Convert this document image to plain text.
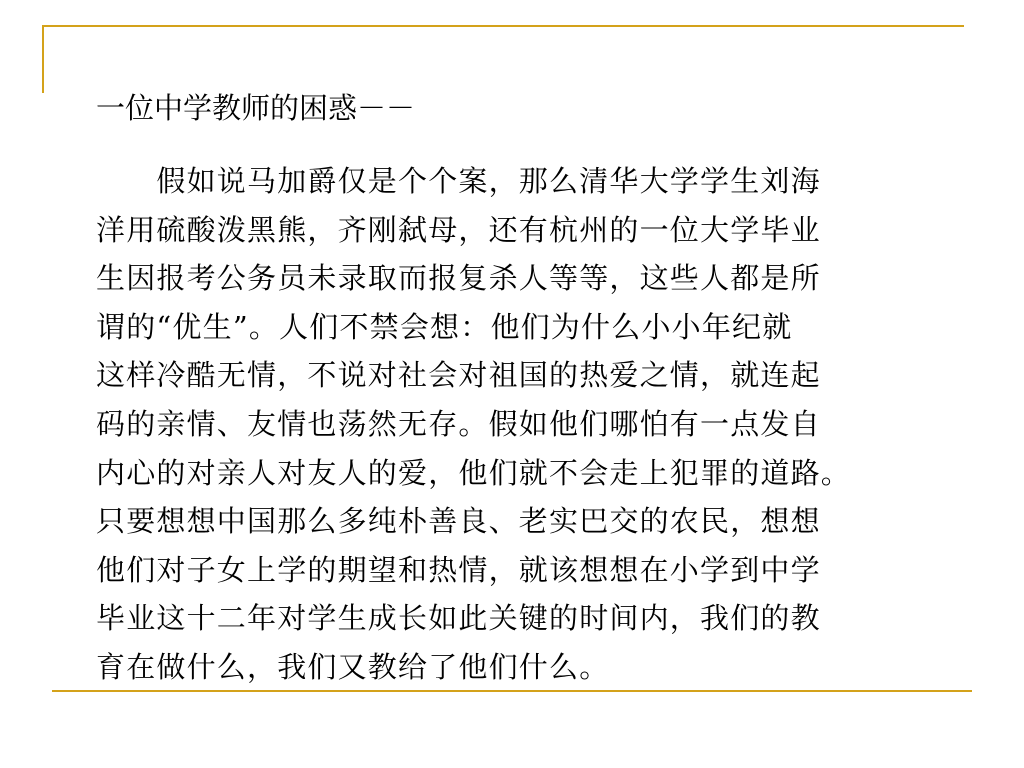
一位中学教师的困惑－－
　　假如说马加爵仅是个个案，那么清华大学学生刘海
洋用硫酸泼黑熊，齐刚弑母，还有杭州的一位大学毕业
生因报考公务员未录取而报复杀人等等，这些人都是所
谓的“优生”。人们不禁会想：他们为什么小小年纪就
这样冷酷无情，不说对社会对祖国的热爱之情，就连起
码的亲情、友情也荡然无存。假如他们哪怕有一点发自
内心的对亲人对友人的爱，他们就不会走上犯罪的道路。
只要想想中国那么多纯朴善良、老实巴交的农民，想想
他们对子女上学的期望和热情，就该想想在小学到中学
毕业这十二年对学生成长如此关键的时间内，我们的教
育在做什么，我们又教给了他们什么。
